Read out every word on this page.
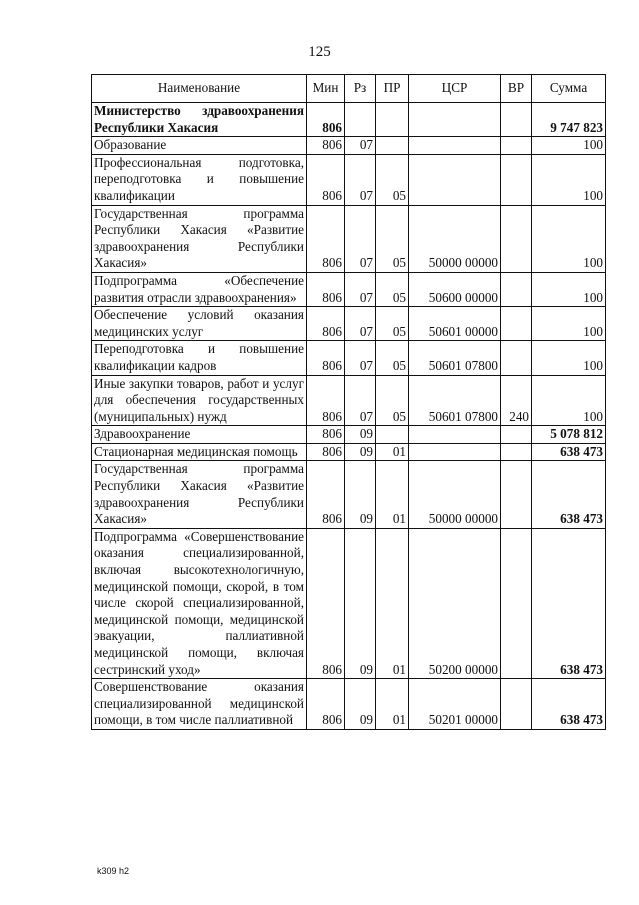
125
Наименование	Мин	Рз	ПР	ЦСР	ВР	Сумма
Министерство здравоохранения Республики Хакасия	806					9 747 823
Образование	806	07				100
Профессиональная подготовка, переподготовка и повышение квалификации	806	07	05			100
Государственная программа Республики Хакасия «Развитие здравоохранения Республики Хакасия»	806	07	05	50000 00000		100
Подпрограмма «Обеспечение развития отрасли здравоохранения»	806	07	05	50600 00000		100
Обеспечение условий оказания медицинских услуг	806	07	05	50601 00000		100
Переподготовка и повышение квалификации кадров	806	07	05	50601 07800		100
Иные закупки товаров, работ и услуг для обеспечения государственных (муниципальных) нужд	806	07	05	50601 07800	240	100
Здравоохранение	806	09				5 078 812
Стационарная медицинская помощь	806	09	01			638 473
Государственная программа Республики Хакасия «Развитие здравоохранения Республики Хакасия»	806	09	01	50000 00000		638 473
Подпрограмма «Совершенствование оказания специализированной, включая высокотехнологичную, медицинской помощи, скорой, в том числе скорой специализированной, медицинской помощи, медицинской эвакуации, паллиативной медицинской помощи, включая сестринский уход»	806	09	01	50200 00000		638 473
Совершенствование оказания специализированной медицинской помощи, в том числе паллиативной	806	09	01	50201 00000		638 473
k309 h2
